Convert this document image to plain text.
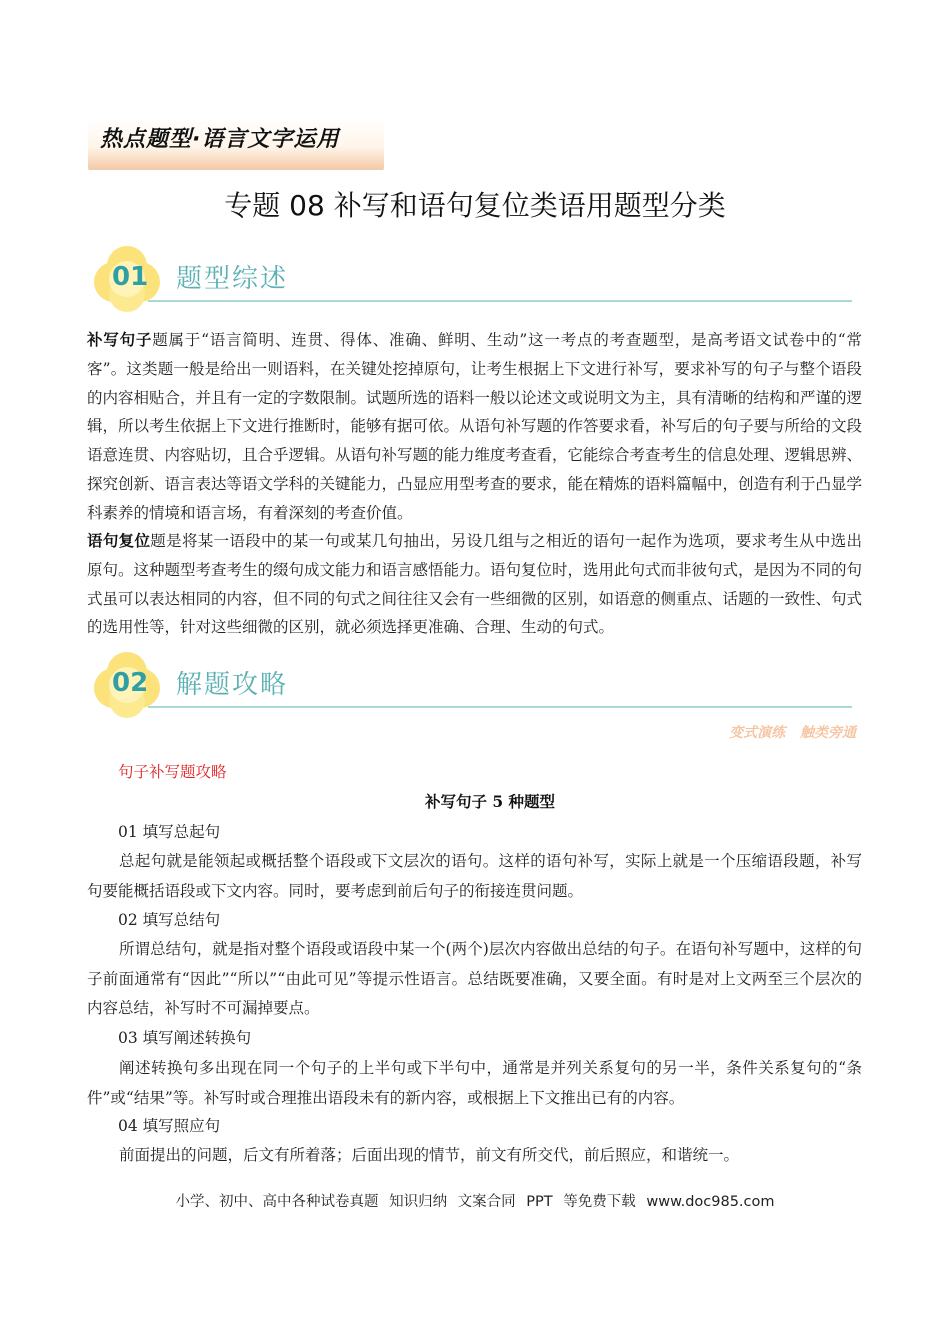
热点题型·语言文字运用
专题 08 补写和语句复位类语用题型分类
01 题型综述

补写句子题属于“语言简明、连贯、得体、准确、鲜明、生动”这一考点的考查题型，是高考语文试卷中的“常客”。这类题一般是给出一则语料，在关键处挖掉原句，让考生根据上下文进行补写，要求补写的句子与整个语段的内容相贴合，并且有一定的字数限制。试题所选的语料一般以论述文或说明文为主，具有清晰的结构和严谨的逻辑，所以考生依据上下文进行推断时，能够有据可依。从语句补写题的作答要求看，补写后的句子要与所给的文段语意连贯、内容贴切，且合乎逻辑。从语句补写题的能力维度考查看，它能综合考查考生的信息处理、逻辑思辨、探究创新、语言表达等语文学科的关键能力，凸显应用型考查的要求，能在精炼的语料篇幅中，创造有利于凸显学科素养的情境和语言场，有着深刻的考查价值。

语句复位题是将某一语段中的某一句或某几句抽出，另设几组与之相近的语句一起作为选项，要求考生从中选出原句。这种题型考查考生的缀句成文能力和语言感悟能力。语句复位时，选用此句式而非彼句式，是因为不同的句式虽可以表达相同的内容，但不同的句式之间往往又会有一些细微的区别，如语意的侧重点、话题的一致性、句式的选用性等，针对这些细微的区别，就必须选择更准确、合理、生动的句式。

02 解题攻略
变式演练 触类旁通
句子补写题攻略
补写句子 5 种题型
01 填写总起句

总起句就是能领起或概括整个语段或下文层次的语句。这样的语句补写，实际上就是一个压缩语段题，补写句要能概括语段或下文内容。同时，要考虑到前后句子的衔接连贯问题。

02 填写总结句

所谓总结句，就是指对整个语段或语段中某一个(两个)层次内容做出总结的句子。在语句补写题中，这样的句子前面通常有“因此”“所以”“由此可见”等提示性语言。总结既要准确，又要全面。有时是对上文两至三个层次的内容总结，补写时不可漏掉要点。

03 填写阐述转换句

阐述转换句多出现在同一个句子的上半句或下半句中，通常是并列关系复句的另一半，条件关系复句的“条件”或“结果”等。补写时或合理推出语段未有的新内容，或根据上下文推出已有的内容。

04 填写照应句

前面提出的问题，后文有所着落；后面出现的情节，前文有所交代，前后照应，和谐统一。

小学、初中、高中各种试卷真题 知识归纳 文案合同 PPT 等免费下载 www.doc985.com
